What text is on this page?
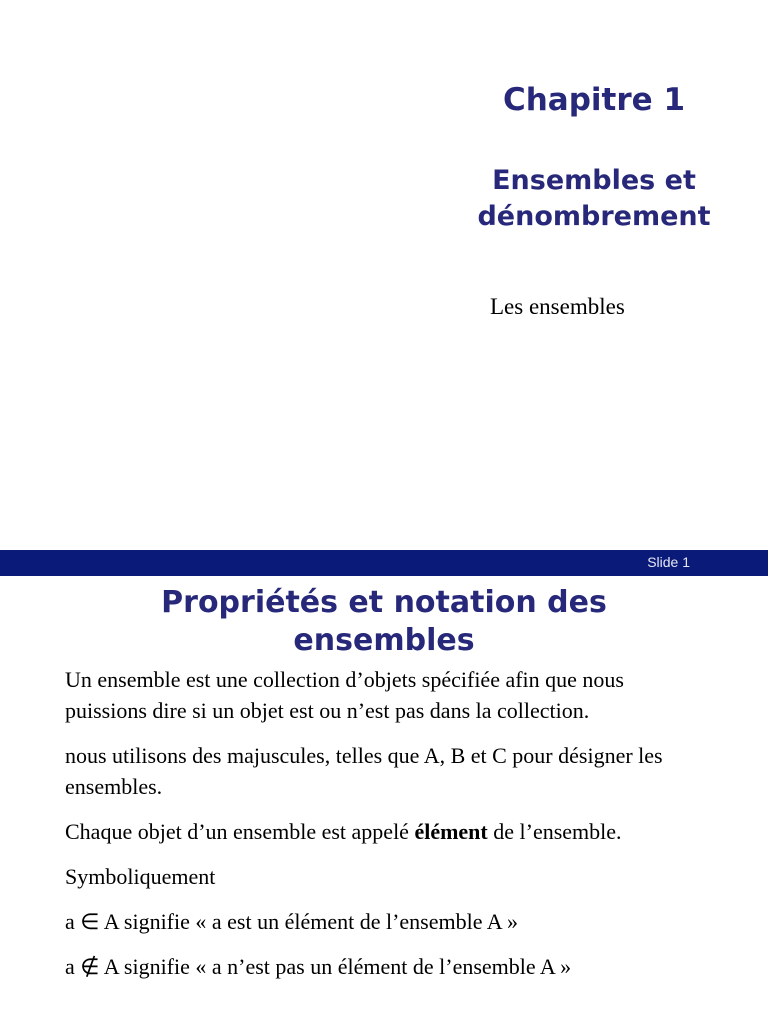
Chapitre 1
Ensembles et
dénombrement
Les ensembles
Slide 1
Propriétés et notation des
ensembles

Un ensemble est une collection d’objets spécifiée afin que nous puissions dire si un objet est ou n’est pas dans la collection.

nous utilisons des majuscules, telles que A, B et C pour désigner les ensembles.

Chaque objet d’un ensemble est appelé élément de l’ensemble.

Symboliquement

a ∈ A signifie « a est un élément de l’ensemble A »

a ∉ A signifie « a n’est pas un élément de l’ensemble A »
